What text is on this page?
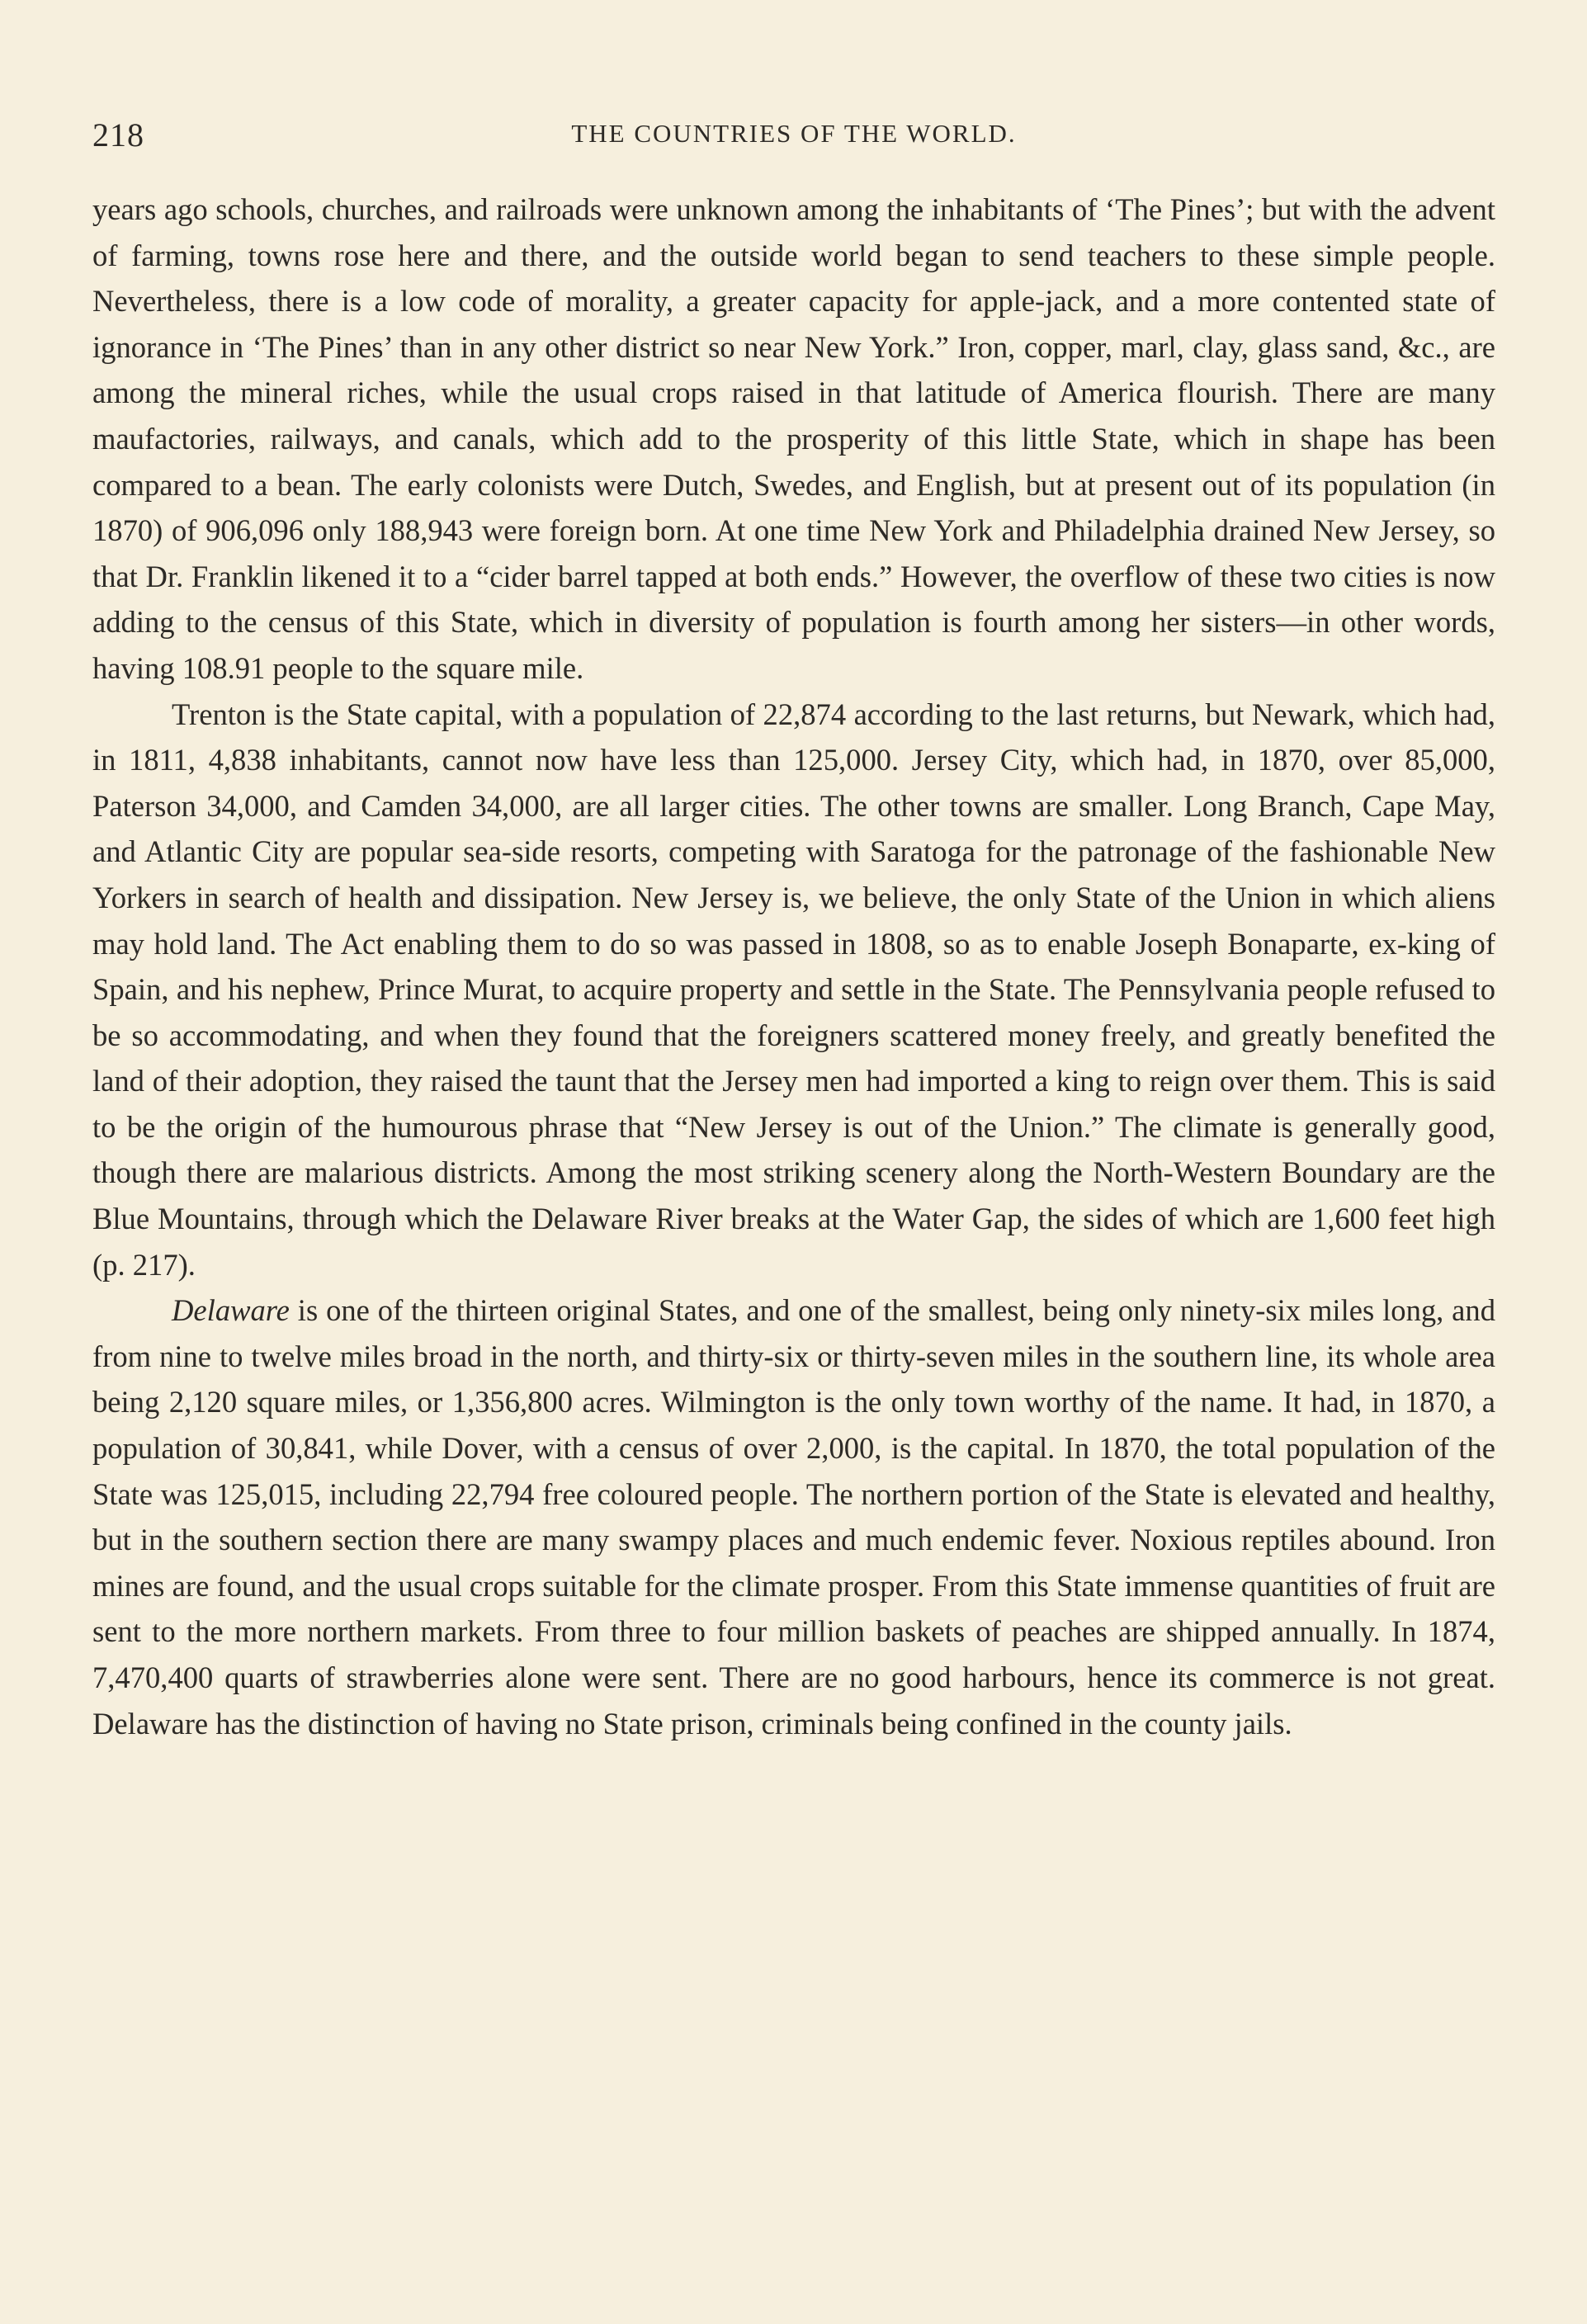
218	THE COUNTRIES OF THE WORLD.

years ago schools, churches, and railroads were unknown among the inhabitants of ‘The Pines’; but with the advent of farming, towns rose here and there, and the outside world began to send teachers to these simple people. Nevertheless, there is a low code of morality, a greater capacity for apple-jack, and a more contented state of ignorance in ‘The Pines’ than in any other district so near New York.” Iron, copper, marl, clay, glass sand, &c., are among the mineral riches, while the usual crops raised in that latitude of America flourish. There are many maufactories, railways, and canals, which add to the prosperity of this little State, which in shape has been compared to a bean. The early colonists were Dutch, Swedes, and English, but at present out of its population (in 1870) of 906,096 only 188,943 were foreign born. At one time New York and Philadelphia drained New Jersey, so that Dr. Franklin likened it to a “cider barrel tapped at both ends.” However, the overflow of these two cities is now adding to the census of this State, which in diversity of population is fourth among her sisters—in other words, having 108.91 people to the square mile.

Trenton is the State capital, with a population of 22,874 according to the last returns, but Newark, which had, in 1811, 4,838 inhabitants, cannot now have less than 125,000. Jersey City, which had, in 1870, over 85,000, Paterson 34,000, and Camden 34,000, are all larger cities. The other towns are smaller. Long Branch, Cape May, and Atlantic City are popular sea-side resorts, competing with Saratoga for the patronage of the fashionable New Yorkers in search of health and dissipation. New Jersey is, we believe, the only State of the Union in which aliens may hold land. The Act enabling them to do so was passed in 1808, so as to enable Joseph Bonaparte, ex-king of Spain, and his nephew, Prince Murat, to acquire property and settle in the State. The Pennsylvania people refused to be so accommodating, and when they found that the foreigners scattered money freely, and greatly benefited the land of their adoption, they raised the taunt that the Jersey men had imported a king to reign over them. This is said to be the origin of the humourous phrase that “New Jersey is out of the Union.” The climate is generally good, though there are malarious districts. Among the most striking scenery along the North-Western Boundary are the Blue Mountains, through which the Delaware River breaks at the Water Gap, the sides of which are 1,600 feet high (p. 217).

Delaware is one of the thirteen original States, and one of the smallest, being only ninety-six miles long, and from nine to twelve miles broad in the north, and thirty-six or thirty-seven miles in the southern line, its whole area being 2,120 square miles, or 1,356,800 acres. Wilmington is the only town worthy of the name. It had, in 1870, a population of 30,841, while Dover, with a census of over 2,000, is the capital. In 1870, the total population of the State was 125,015, including 22,794 free coloured people. The northern portion of the State is elevated and healthy, but in the southern section there are many swampy places and much endemic fever. Noxious reptiles abound. Iron mines are found, and the usual crops suitable for the climate prosper. From this State immense quantities of fruit are sent to the more northern markets. From three to four million baskets of peaches are shipped annually. In 1874, 7,470,400 quarts of strawberries alone were sent. There are no good harbours, hence its commerce is not great. Delaware has the distinction of having no State prison, criminals being confined in the county jails.
